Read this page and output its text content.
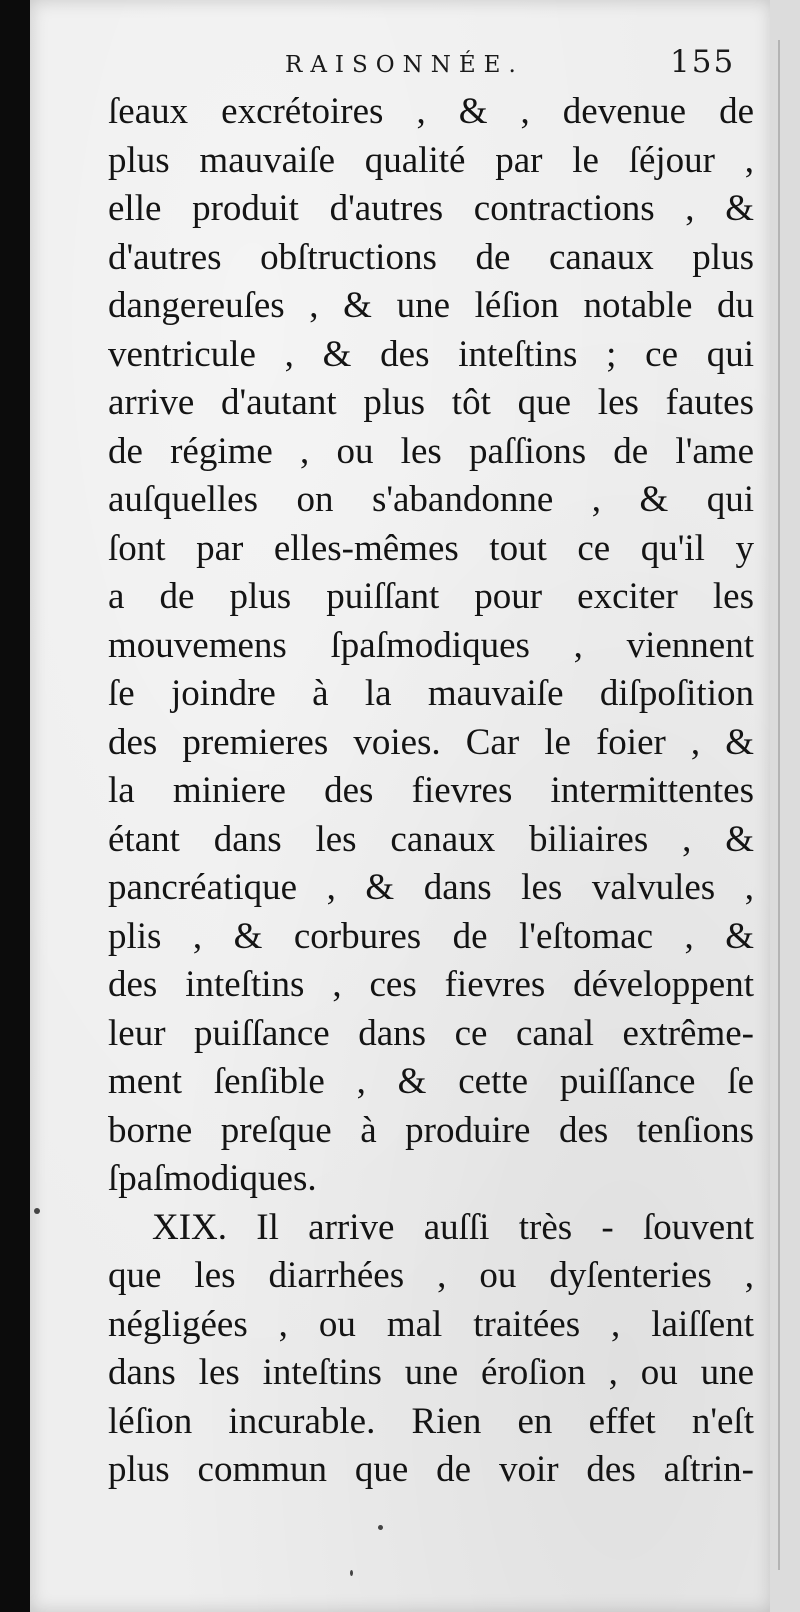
RAISONNÉE.	155
ſeaux excrétoires , & , devenue de
plus mauvaiſe qualité par le ſéjour ,
elle produit d'autres contractions , &
d'autres obſtructions de canaux plus
dangereuſes , & une léſion notable du
ventricule , & des inteſtins ; ce qui
arrive d'autant plus tôt que les fautes
de régime , ou les paſſions de l'ame
auſquelles on s'abandonne , & qui
ſont par elles-mêmes tout ce qu'il y
a de plus puiſſant pour exciter les
mouvemens ſpaſmodiques , viennent
ſe joindre à la mauvaiſe diſpoſition
des premieres voies. Car le foier , &
la miniere des fievres intermittentes
étant dans les canaux biliaires , &
pancréatique , & dans les valvules ,
plis , & corbures de l'eſtomac , &
des inteſtins , ces fievres développent
leur puiſſance dans ce canal extrême-
ment ſenſible , & cette puiſſance ſe
borne preſque à produire des tenſions
ſpaſmodiques.
XIX. Il arrive auſſi très - ſouvent
que les diarrhées , ou dyſenteries ,
négligées , ou mal traitées , laiſſent
dans les inteſtins une éroſion , ou une
léſion incurable. Rien en effet n'eſt
plus commun que de voir des aſtrin-
